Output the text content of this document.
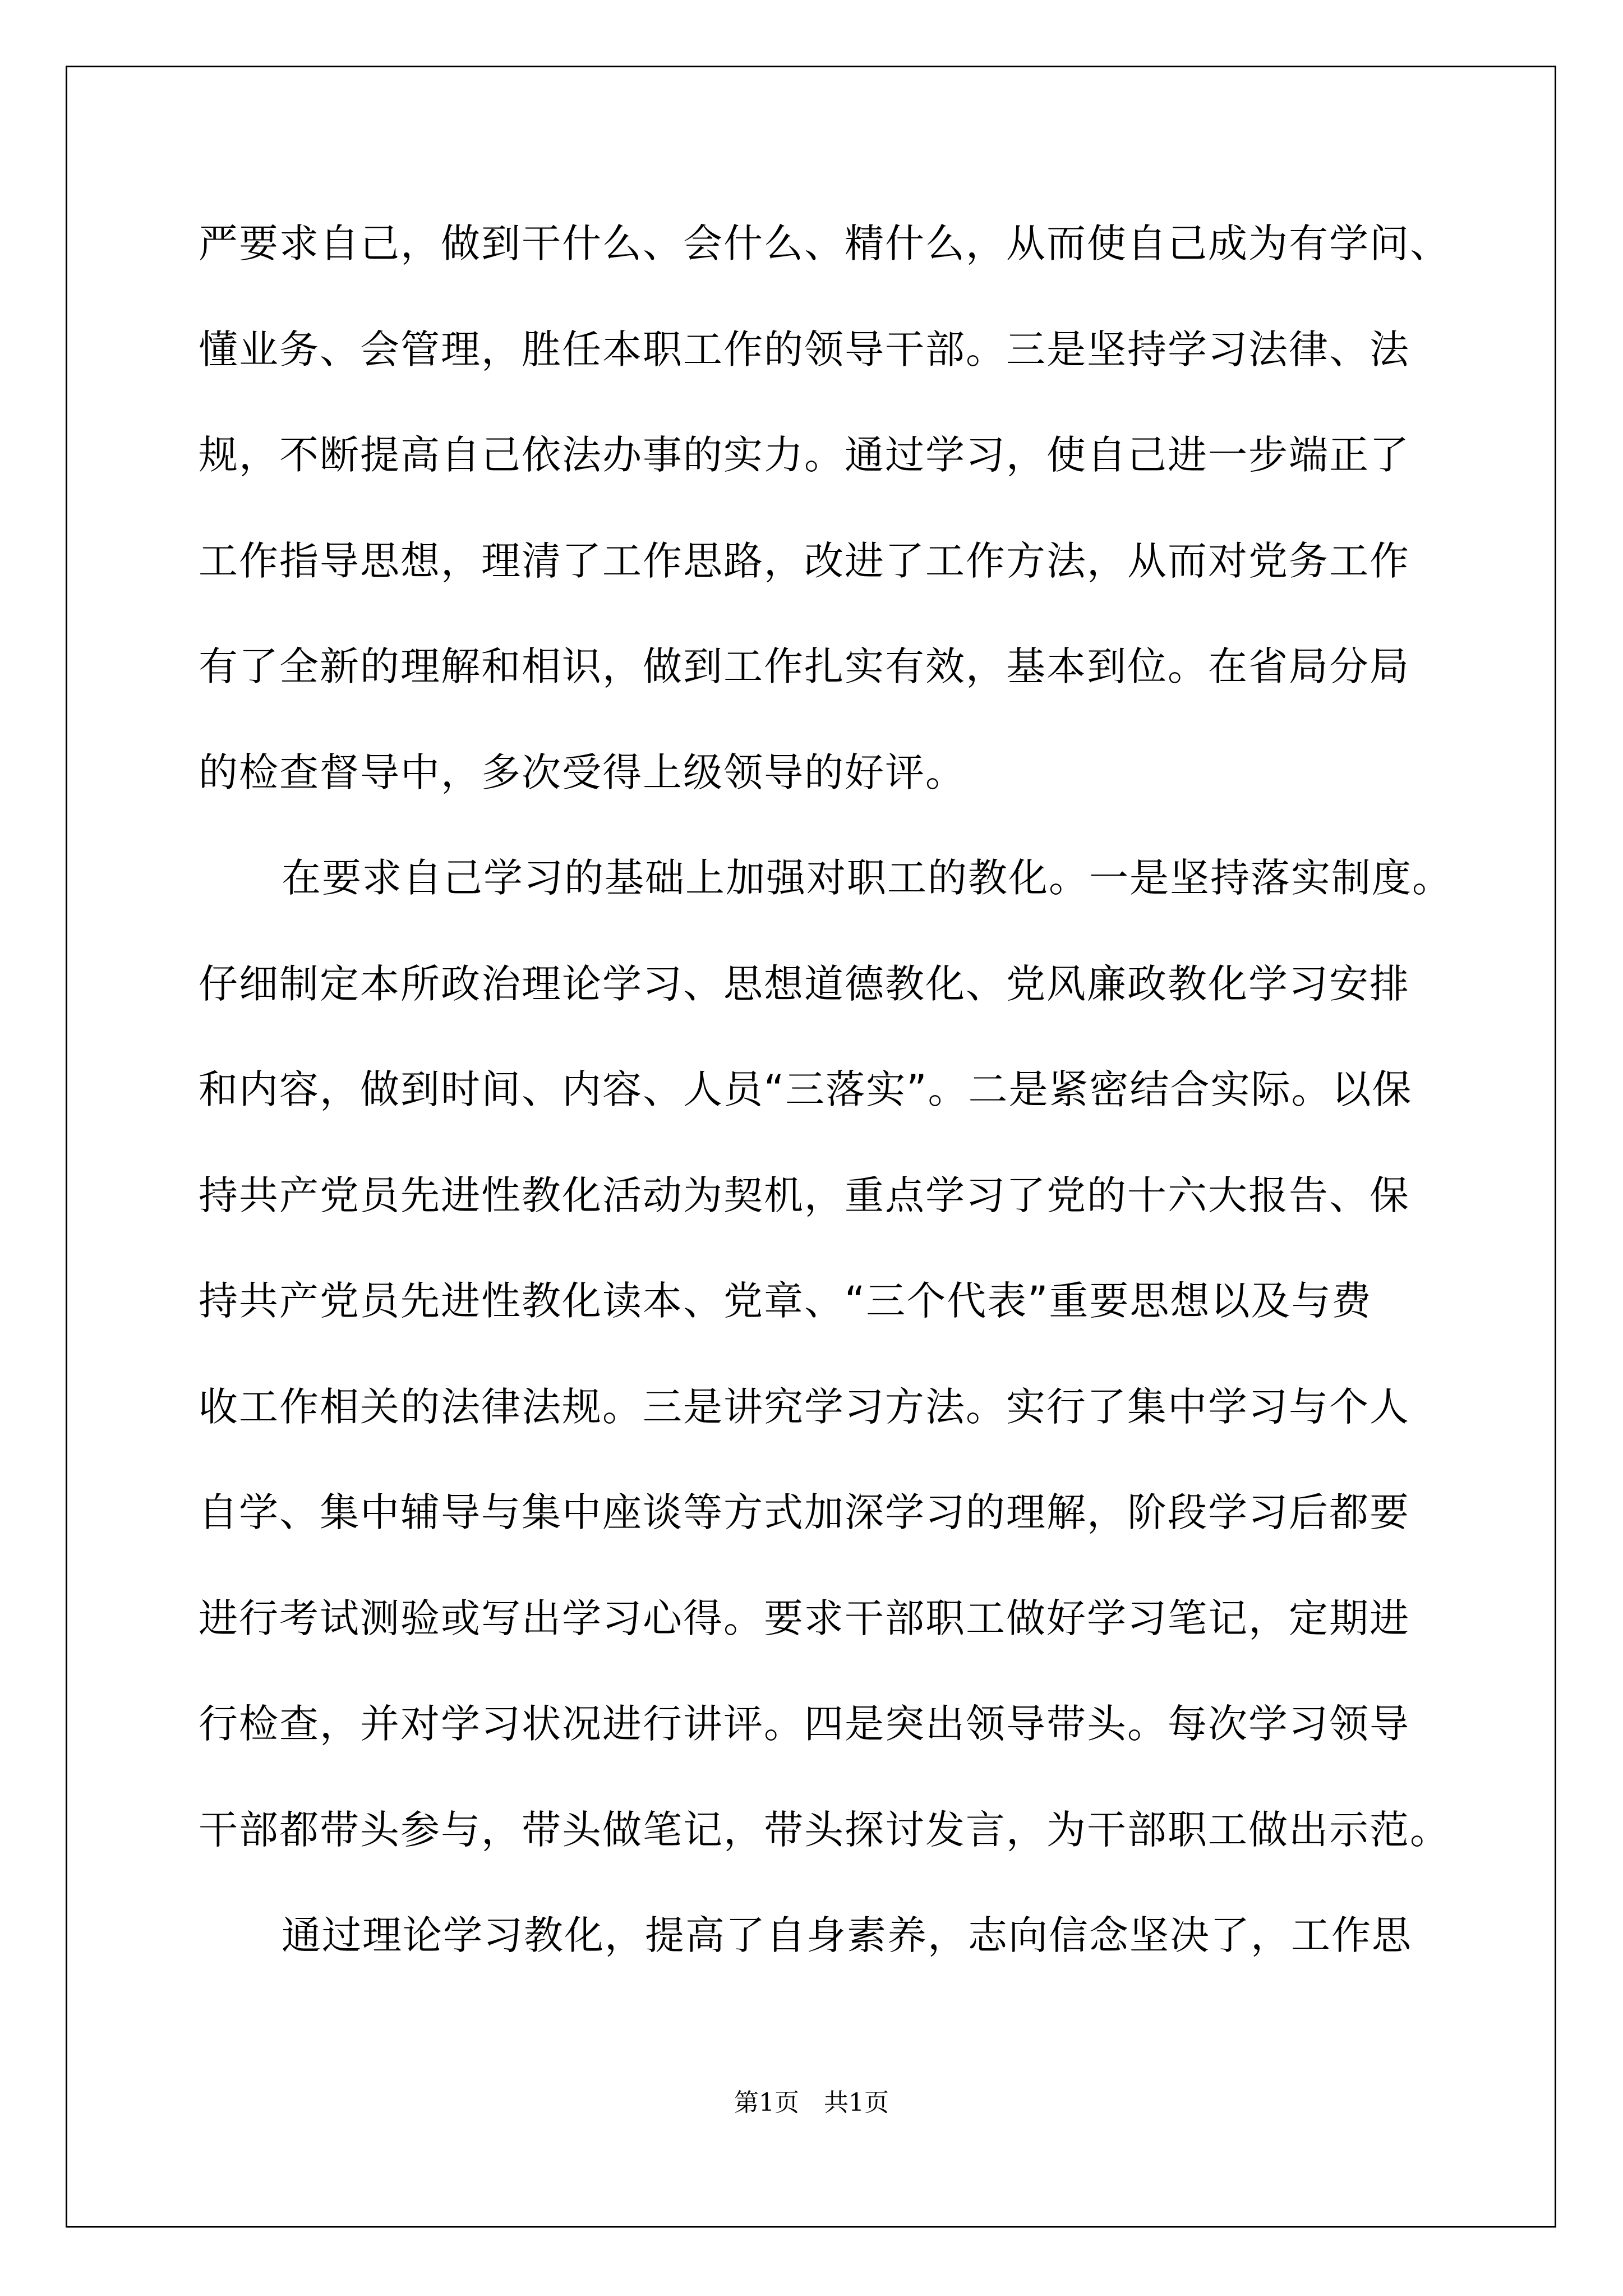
严要求自己，做到干什么、会什么、精什么，从而使自己成为有学问、
懂业务、会管理，胜任本职工作的领导干部。三是坚持学习法律、法
规，不断提高自己依法办事的实力。通过学习，使自己进一步端正了
工作指导思想，理清了工作思路，改进了工作方法，从而对党务工作
有了全新的理解和相识，做到工作扎实有效，基本到位。在省局分局
的检查督导中，多次受得上级领导的好评。
在要求自己学习的基础上加强对职工的教化。一是坚持落实制度。
仔细制定本所政治理论学习、思想道德教化、党风廉政教化学习安排
和内容，做到时间、内容、人员“三落实”。二是紧密结合实际。以保
持共产党员先进性教化活动为契机，重点学习了党的十六大报告、保
持共产党员先进性教化读本、党章、“三个代表”重要思想以及与费
收工作相关的法律法规。三是讲究学习方法。实行了集中学习与个人
自学、集中辅导与集中座谈等方式加深学习的理解，阶段学习后都要
进行考试测验或写出学习心得。要求干部职工做好学习笔记，定期进
行检查，并对学习状况进行讲评。四是突出领导带头。每次学习领导
干部都带头参与，带头做笔记，带头探讨发言，为干部职工做出示范。
通过理论学习教化，提高了自身素养，志向信念坚决了，工作思
第1页　共1页
